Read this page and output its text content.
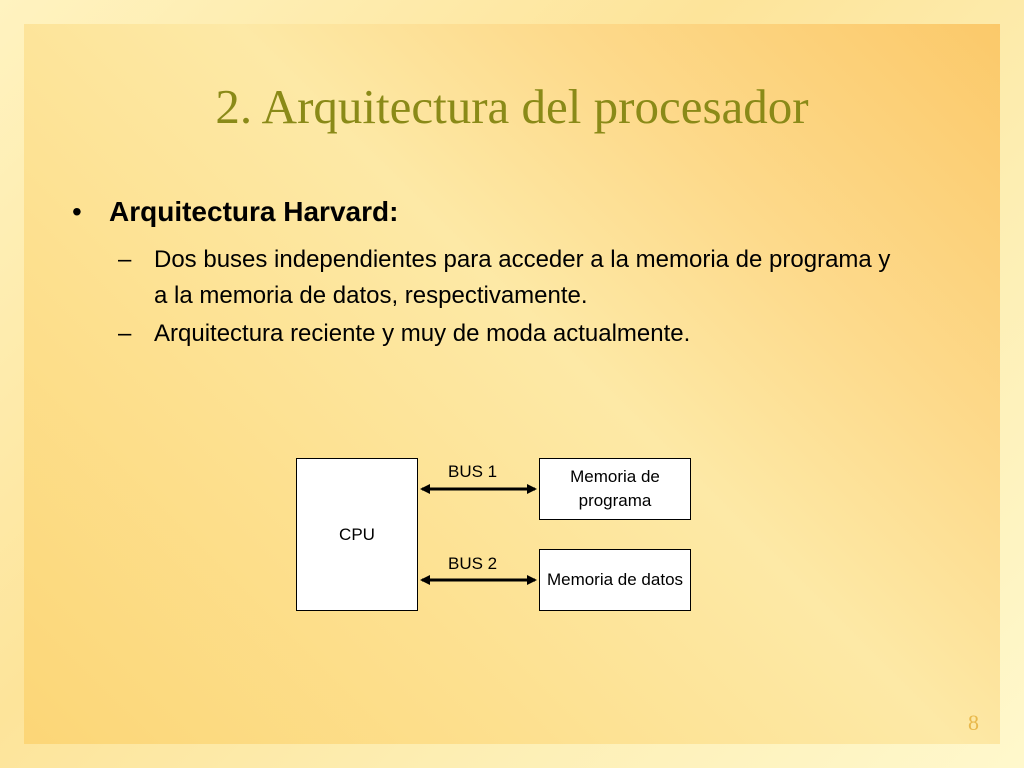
2. Arquitectura del procesador
• Arquitectura Harvard:
– Dos buses independientes para acceder a la memoria de programa y a la memoria de datos, respectivamente.
– Arquitectura reciente y muy de moda actualmente.
CPU
Memoria de programa
Memoria de datos
BUS 1
BUS 2
8
